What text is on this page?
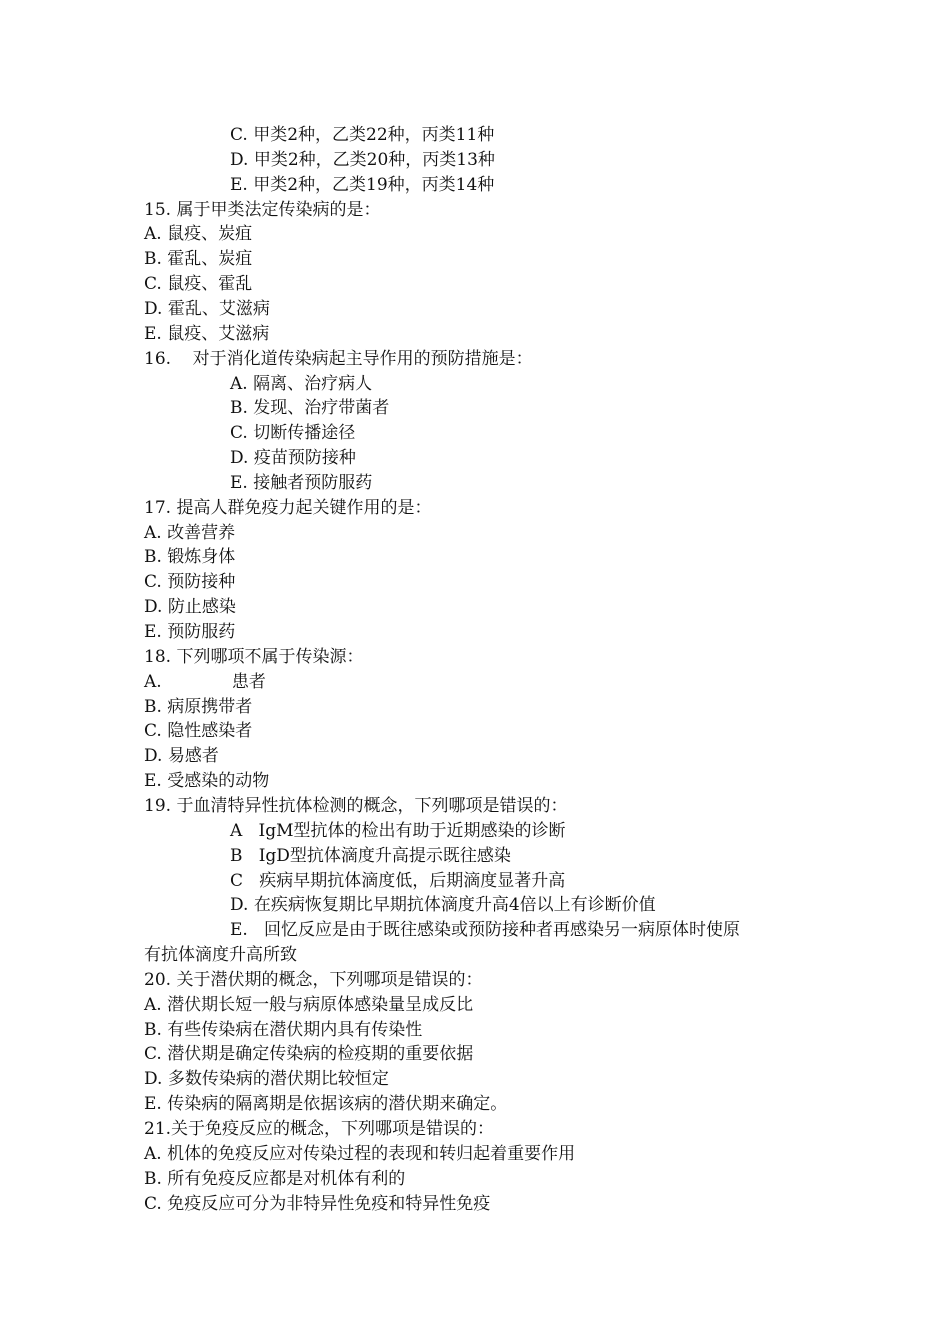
C. 甲类2种，乙类22种，丙类11种
D. 甲类2种，乙类20种，丙类13种
E. 甲类2种，乙类19种，丙类14种
15. 属于甲类法定传染病的是：
A. 鼠疫、炭疽
B. 霍乱、炭疽
C. 鼠疫、霍乱
D. 霍乱、艾滋病
E. 鼠疫、艾滋病
16.    对于消化道传染病起主导作用的预防措施是：
A. 隔离、治疗病人
B. 发现、治疗带菌者
C. 切断传播途径
D. 疫苗预防接种
E. 接触者预防服药
17. 提高人群免疫力起关键作用的是：
A. 改善营养
B. 锻炼身体
C. 预防接种
D. 防止感染
E. 预防服药
18. 下列哪项不属于传染源：
A.             患者
B. 病原携带者
C. 隐性感染者
D. 易感者
E. 受感染的动物
19. 于血清特异性抗体检测的概念，下列哪项是错误的：
A   IgM型抗体的检出有助于近期感染的诊断
B   IgD型抗体滴度升高提示既往感染
C   疾病早期抗体滴度低，后期滴度显著升高
D. 在疾病恢复期比早期抗体滴度升高4倍以上有诊断价值
E.   回忆反应是由于既往感染或预防接种者再感染另一病原体时使原
有抗体滴度升高所致
20. 关于潜伏期的概念，下列哪项是错误的：
A. 潜伏期长短一般与病原体感染量呈成反比
B. 有些传染病在潜伏期内具有传染性
C. 潜伏期是确定传染病的检疫期的重要依据
D. 多数传染病的潜伏期比较恒定
E. 传染病的隔离期是依据该病的潜伏期来确定。
21.关于免疫反应的概念，下列哪项是错误的：
A. 机体的免疫反应对传染过程的表现和转归起着重要作用
B. 所有免疫反应都是对机体有利的
C. 免疫反应可分为非特异性免疫和特异性免疫
